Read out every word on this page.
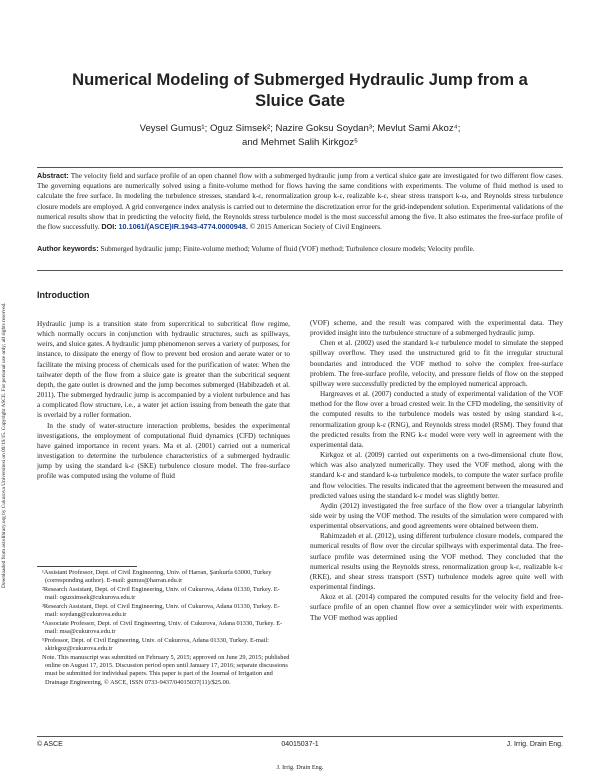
Downloaded from ascelibrary.org by Cukurova Universitesi on 09/19/15. Copyright ASCE. For personal use only; all rights reserved.
Numerical Modeling of Submerged Hydraulic Jump from a Sluice Gate
Veysel Gumus¹; Oguz Simsek²; Nazire Goksu Soydan³; Mevlut Sami Akoz⁴;
and Mehmet Salih Kirkgoz⁵
Abstract: The velocity field and surface profile of an open channel flow with a submerged hydraulic jump from a vertical sluice gate are investigated for two different flow cases. The governing equations are numerically solved using a finite-volume method for flows having the same conditions with experiments. The volume of fluid method is used to calculate the free surface. In modeling the turbulence stresses, standard k-ε, renormalization group k-ε, realizable k-ε, shear stress transport k-ω, and Reynolds stress turbulence closure models are employed. A grid convergence index analysis is carried out to determine the discretization error for the grid-independent solution. Experimental validations of the numerical results show that in predicting the velocity field, the Reynolds stress turbulence model is the most successful among the five. It also estimates the free-surface profile of the flow successfully. DOI: 10.1061/(ASCE)IR.1943-4774.0000948. © 2015 American Society of Civil Engineers.
Author keywords: Submerged hydraulic jump; Finite-volume method; Volume of fluid (VOF) method; Turbulence closure models; Velocity profile.
Introduction

Hydraulic jump is a transition state from supercritical to subcritical flow regime, which normally occurs in conjunction with hydraulic structures, such as spillways, weirs, and sluice gates. A hydraulic jump phenomenon serves a variety of purposes, for instance, to dissipate the energy of flow to prevent bed erosion and aerate water or to facilitate the mixing process of chemicals used for the purification of water. When the tailwater depth of the flow from a sluice gate is greater than the subcritical sequent depth, the gate outlet is drowned and the jump becomes submerged (Habibzadeh et al. 2011). The submerged hydraulic jump is accompanied by a violent turbulence and has a complicated flow structure, i.e., a water jet action issuing from beneath the gate that is overlaid by a roller formation.

In the study of water-structure interaction problems, besides the experimental investigations, the employment of computational fluid dynamics (CFD) techniques have gained importance in recent years. Ma et al. (2001) carried out a numerical investigation to determine the turbulence characteristics of a submerged hydraulic jump by using the standard k-ε (SKE) turbulence closure model. The free-surface profile was computed using the volume of fluid

¹Assistant Professor, Dept. of Civil Engineering, Univ. of Harran, Şanlıurfa 63000, Turkey (corresponding author). E-mail: gumus@harran.edu.tr

²Research Assistant, Dept. of Civil Engineering, Univ. of Cukurova, Adana 01330, Turkey. E-mail: oguzsimsek@cukurova.edu.tr

³Research Assistant, Dept. of Civil Engineering, Univ. of Cukurova, Adana 01330, Turkey. E-mail: soydang@cukurova.edu.tr

⁴Associate Professor, Dept. of Civil Engineering, Univ. of Cukurova, Adana 01330, Turkey. E-mail: msa@cukurova.edu.tr

⁵Professor, Dept. of Civil Engineering, Univ. of Cukurova, Adana 01330, Turkey. E-mail: skirkgoz@cukurova.edu.tr

Note. This manuscript was submitted on February 5, 2015; approved on June 29, 2015; published online on August 17, 2015. Discussion period open until January 17, 2016; separate discussions must be submitted for individual papers. This paper is part of the Journal of Irrigation and Drainage Engineering, © ASCE, ISSN 0733-9437/04015037(11)/$25.00.

(VOF) scheme, and the result was compared with the experimental data. They provided insight into the turbulence structure of a submerged hydraulic jump.

Chen et al. (2002) used the standard k-ε turbulence model to simulate the stepped spillway overflow. They used the unstructured grid to fit the irregular structural boundaries and introduced the VOF method to solve the complex free-surface problem. The free-surface profile, velocity, and pressure fields of flow on the stepped spillway were successfully predicted by the employed numerical approach.

Hargreaves et al. (2007) conducted a study of experimental validation of the VOF method for the flow over a broad crested weir. In the CFD modeling, the sensitivity of the computed results to the turbulence models was tested by using standard k-ε, renormalization group k-ε (RNG), and Reynolds stress model (RSM). They found that the predicted results from the RNG k-ε model were very well in agreement with the experimental data.

Kirkgoz et al. (2009) carried out experiments on a two-dimensional chute flow, which was also analyzed numerically. They used the VOF method, along with the standard k-ε and standard k-ω turbulence models, to compute the water surface profile and flow velocities. The results indicated that the agreement between the measured and predicted values using the standard k-ε model was slightly better.

Aydin (2012) investigated the free surface of the flow over a triangular labyrinth side weir by using the VOF method. The results of the simulation were compared with experimental observations, and good agreements were obtained between them.

Rahimzadeh et al. (2012), using different turbulence closure models, compared the numerical results of flow over the circular spillways with experimental data. The free-surface profile was determined using the VOF method. They concluded that the numerical results using the Reynolds stress, renormalization group k-ε, realizable k-ε (RKE), and shear stress transport (SST) turbulence models agree quite well with experimental findings.

Akoz et al. (2014) compared the computed results for the velocity field and free-surface profile of an open channel flow over a semicylinder weir with experiments. The VOF method was applied

© ASCE	04015037-1	J. Irrig. Drain Eng.
J. Irrig. Drain Eng.
